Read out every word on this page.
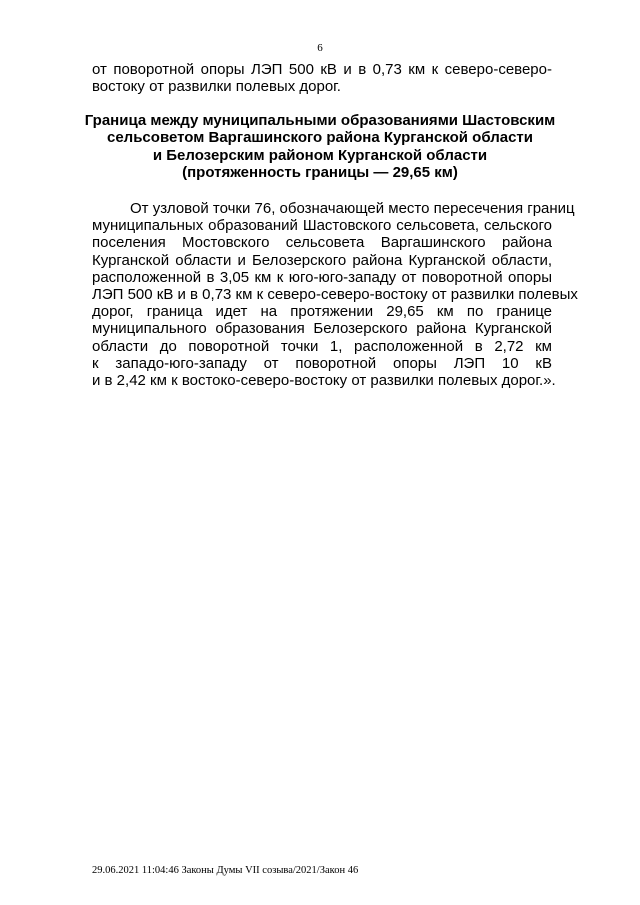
6
от поворотной опоры ЛЭП 500 кВ и в 0,73 км к северо-северо-
востоку от развилки полевых дорог.
Граница между муниципальными образованиями Шастовским
сельсоветом Варгашинского района Курганской области
и Белозерским районом Курганской области
(протяженность границы — 29,65 км)
От узловой точки 76, обозначающей место пересечения границ
муниципальных образований Шастовского сельсовета, сельского
поселения Мостовского сельсовета Варгашинского района
Курганской области и Белозерского района Курганской области,
расположенной в 3,05 км к юго-юго-западу от поворотной опоры
ЛЭП 500 кВ и в 0,73 км к северо-северо-востоку от развилки полевых
дорог, граница идет на протяжении 29,65 км по границе
муниципального образования Белозерского района Курганской
области до поворотной точки 1, расположенной в 2,72 км
к западо-юго-западу от поворотной опоры ЛЭП 10 кВ
и в 2,42 км к востоко-северо-востоку от развилки полевых дорог.».
29.06.2021 11:04:46 Законы Думы VII созыва/2021/Закон 46
